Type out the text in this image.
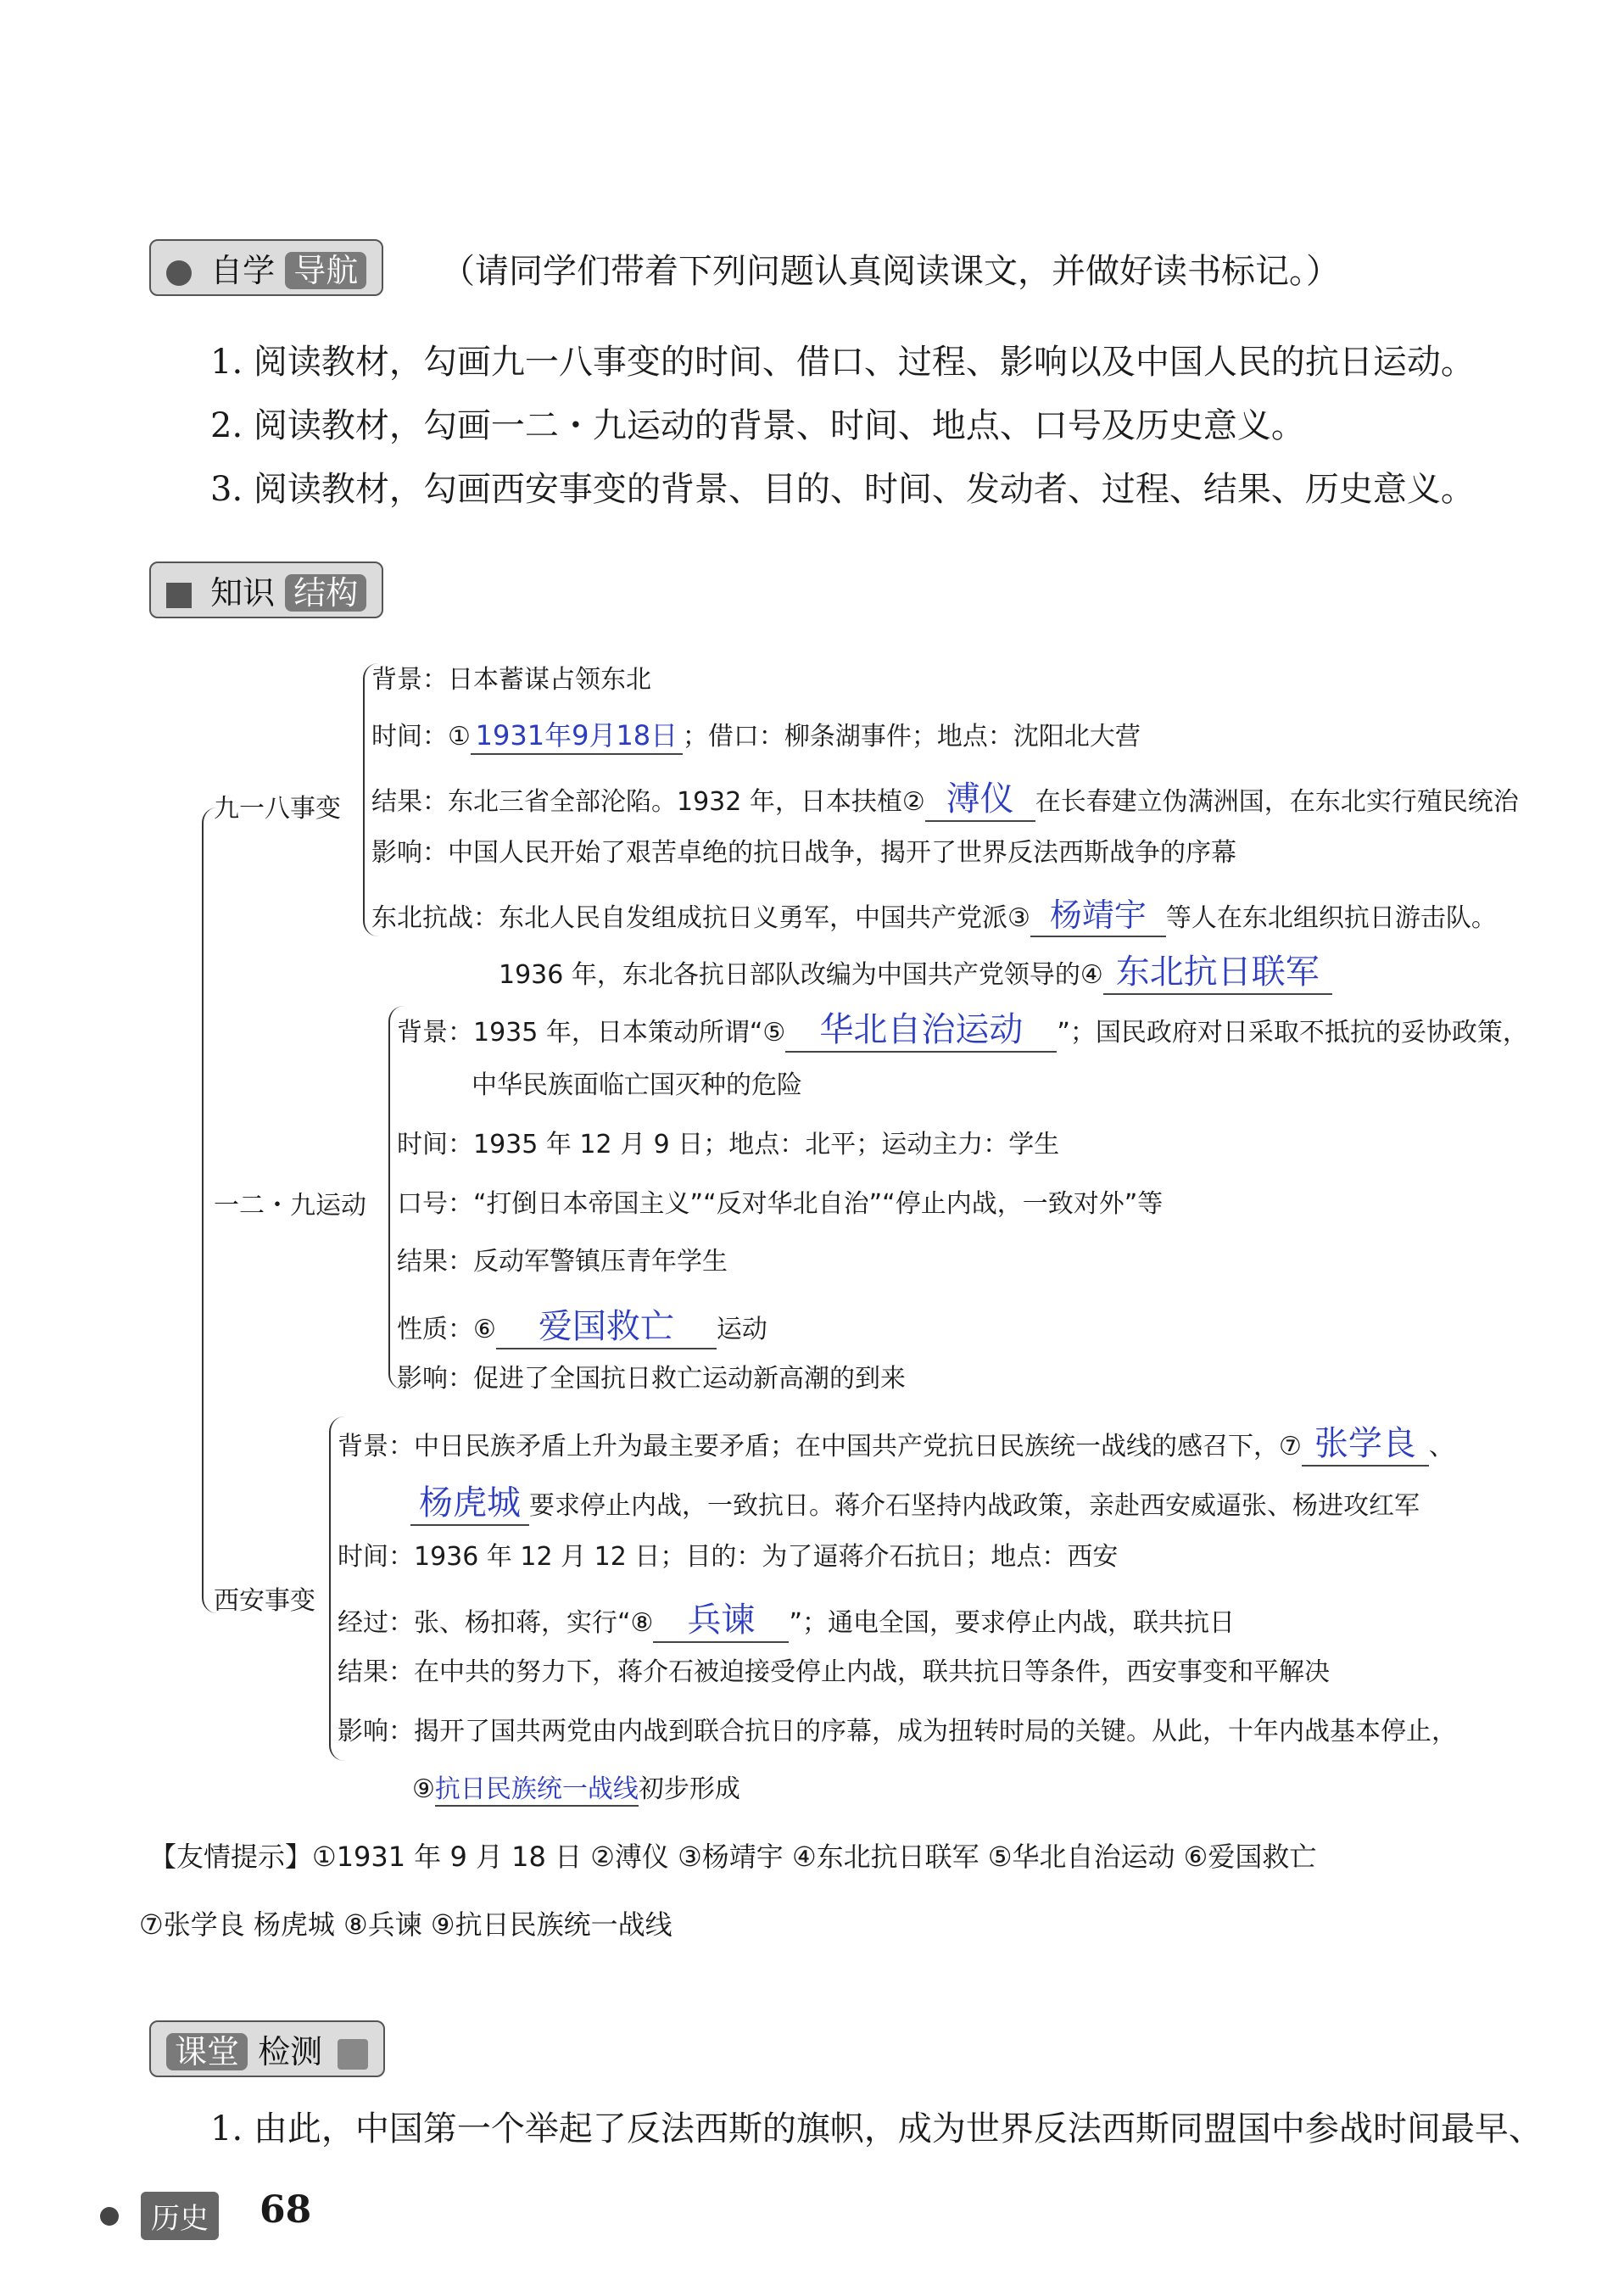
自学 导航	（请同学们带着下列问题认真阅读课文，并做好读书标记。）
1. 阅读教材，勾画九一八事变的时间、借口、过程、影响以及中国人民的抗日运动。
2. 阅读教材，勾画一二・九运动的背景、时间、地点、口号及历史意义。
3. 阅读教材，勾画西安事变的背景、目的、时间、发动者、过程、结果、历史意义。
知识 结构
九一八事变
背景：日本蓄谋占领东北
时间：① 1931年9月18日 ；借口：柳条湖事件；地点：沈阳北大营
结果：东北三省全部沦陷。1932 年，日本扶植② 溥仪 在长春建立伪满洲国，在东北实行殖民统治
影响：中国人民开始了艰苦卓绝的抗日战争，揭开了世界反法西斯战争的序幕
东北抗战：东北人民自发组成抗日义勇军，中国共产党派③ 杨靖宇 等人在东北组织抗日游击队。
1936 年，东北各抗日部队改编为中国共产党领导的④ 东北抗日联军
一二・九运动
背景：1935 年，日本策动所谓“⑤ 华北自治运动 ”；国民政府对日采取不抵抗的妥协政策，
中华民族面临亡国灭种的危险
时间：1935 年 12 月 9 日；地点：北平；运动主力：学生
口号：“打倒日本帝国主义”“反对华北自治”“停止内战，一致对外”等
结果：反动军警镇压青年学生
性质：⑥ 爱国救亡 运动
影响：促进了全国抗日救亡运动新高潮的到来
西安事变
背景：中日民族矛盾上升为最主要矛盾；在中国共产党抗日民族统一战线的感召下，⑦ 张学良 、
杨虎城 要求停止内战，一致抗日。蒋介石坚持内战政策，亲赴西安威逼张、杨进攻红军
时间：1936 年 12 月 12 日；目的：为了逼蒋介石抗日；地点：西安
经过：张、杨扣蒋，实行“⑧ 兵谏 ”；通电全国，要求停止内战，联共抗日
结果：在中共的努力下，蒋介石被迫接受停止内战，联共抗日等条件，西安事变和平解决
影响：揭开了国共两党由内战到联合抗日的序幕，成为扭转时局的关键。从此，十年内战基本停止，
⑨抗日民族统一战线初步形成
【友情提示】①1931 年 9 月 18 日 ②溥仪 ③杨靖宇 ④东北抗日联军 ⑤华北自治运动 ⑥爱国救亡
⑦张学良 杨虎城 ⑧兵谏 ⑨抗日民族统一战线
课堂 检测
1. 由此，中国第一个举起了反法西斯的旗帜，成为世界反法西斯同盟国中参战时间最早、
历史 68
